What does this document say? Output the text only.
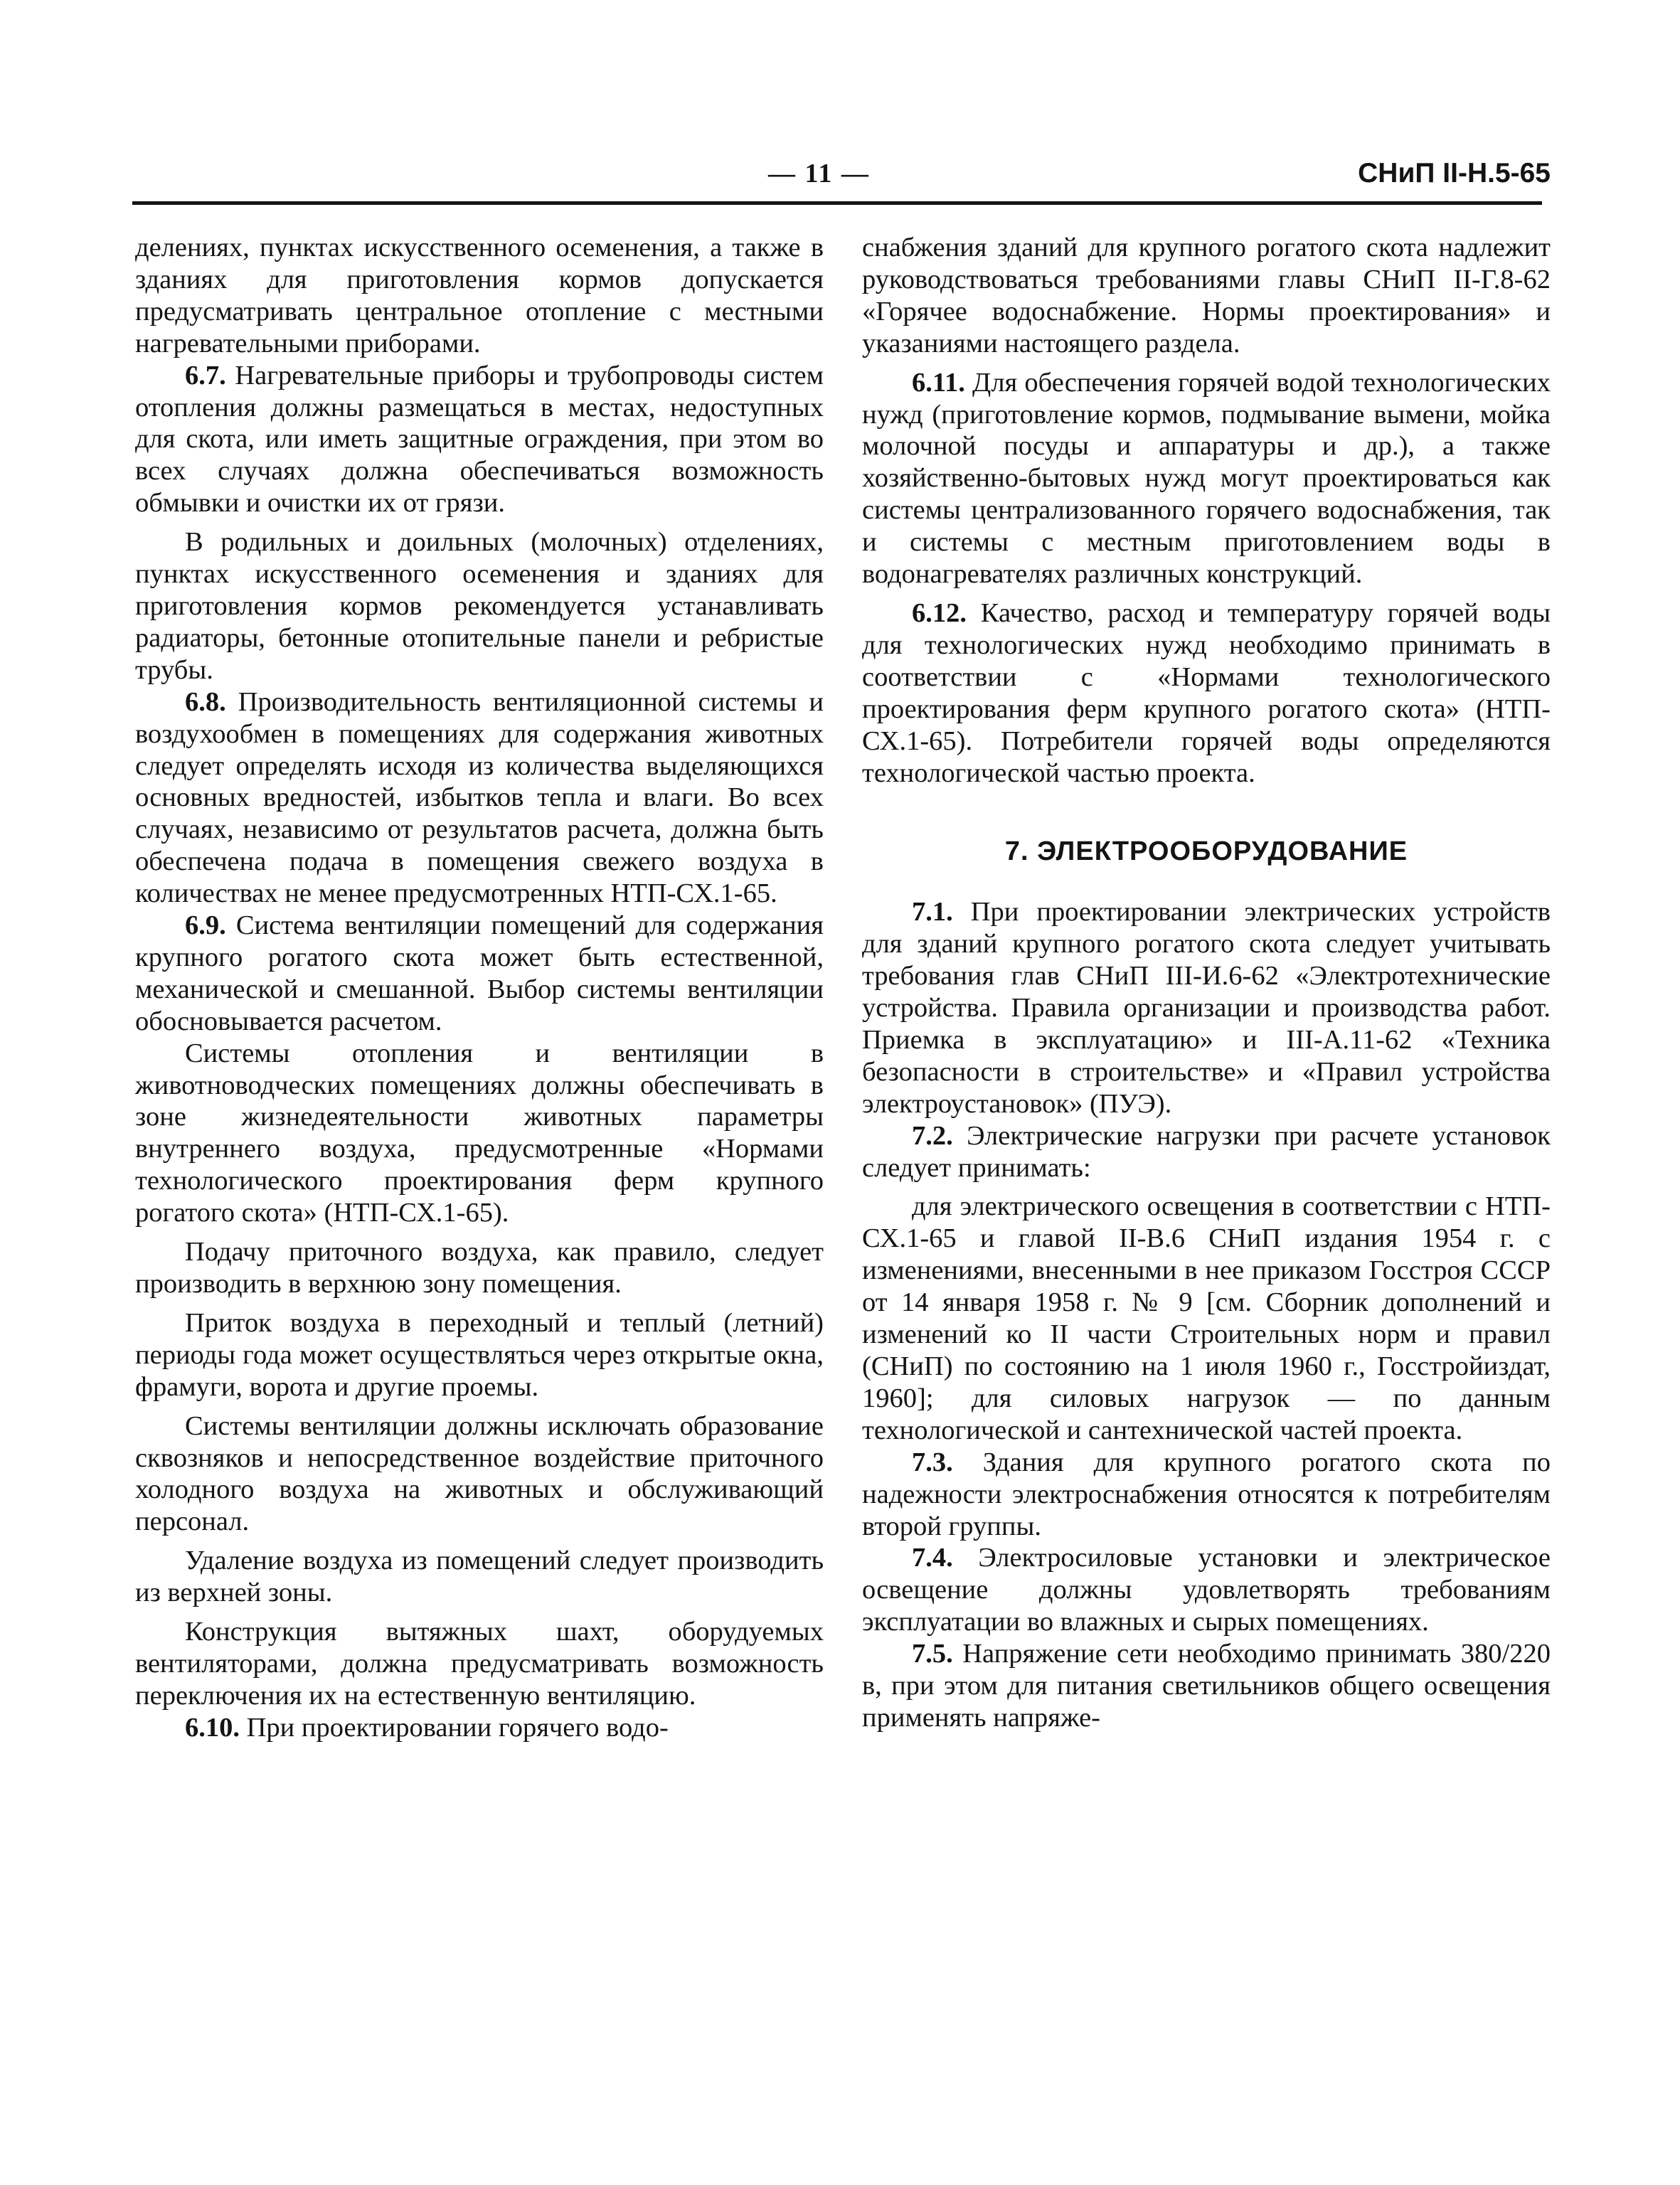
— 11 —	СНиП II-Н.5-65

делениях, пунктах искусственного осеменения, а также в зданиях для приготовления кормов допускается предусматривать центральное отопление с местными нагревательными приборами.

6.7. Нагревательные приборы и трубопроводы систем отопления должны размещаться в местах, недоступных для скота, или иметь защитные ограждения, при этом во всех случаях должна обеспечиваться возможность обмывки и очистки их от грязи.

В родильных и доильных (молочных) отделениях, пунктах искусственного осеменения и зданиях для приготовления кормов рекомендуется устанавливать радиаторы, бетонные отопительные панели и ребристые трубы.

6.8. Производительность вентиляционной системы и воздухообмен в помещениях для содержания животных следует определять исходя из количества выделяющихся основных вредностей, избытков тепла и влаги. Во всех случаях, независимо от результатов расчета, должна быть обеспечена подача в помещения свежего воздуха в количествах не менее предусмотренных НТП-СХ.1-65.

6.9. Система вентиляции помещений для содержания крупного рогатого скота может быть естественной, механической и смешанной. Выбор системы вентиляции обосновывается расчетом.

Системы отопления и вентиляции в животноводческих помещениях должны обеспечивать в зоне жизнедеятельности животных параметры внутреннего воздуха, предусмотренные «Нормами технологического проектирования ферм крупного рогатого скота» (НТП-СХ.1-65).

Подачу приточного воздуха, как правило, следует производить в верхнюю зону помещения.

Приток воздуха в переходный и теплый (летний) периоды года может осуществляться через открытые окна, фрамуги, ворота и другие проемы.

Системы вентиляции должны исключать образование сквозняков и непосредственное воздействие приточного холодного воздуха на животных и обслуживающий персонал.

Удаление воздуха из помещений следует производить из верхней зоны.

Конструкция вытяжных шахт, оборудуемых вентиляторами, должна предусматривать возможность переключения их на естественную вентиляцию.

6.10. При проектировании горячего водо-

снабжения зданий для крупного рогатого скота надлежит руководствоваться требованиями главы СНиП II-Г.8-62 «Горячее водоснабжение. Нормы проектирования» и указаниями настоящего раздела.

6.11. Для обеспечения горячей водой технологических нужд (приготовление кормов, подмывание вымени, мойка молочной посуды и аппаратуры и др.), а также хозяйственно-бытовых нужд могут проектироваться как системы централизованного горячего водоснабжения, так и системы с местным приготовлением воды в водонагревателях различных конструкций.

6.12. Качество, расход и температуру горячей воды для технологических нужд необходимо принимать в соответствии с «Нормами технологического проектирования ферм крупного рогатого скота» (НТП-СХ.1-65). Потребители горячей воды определяются технологической частью проекта.

7. ЭЛЕКТРООБОРУДОВАНИЕ

7.1. При проектировании электрических устройств для зданий крупного рогатого скота следует учитывать требования глав СНиП III-И.6-62 «Электротехнические устройства. Правила организации и производства работ. Приемка в эксплуатацию» и III-А.11-62 «Техника безопасности в строительстве» и «Правил устройства электроустановок» (ПУЭ).

7.2. Электрические нагрузки при расчете установок следует принимать:

для электрического освещения в соответствии с НТП-СХ.1-65 и главой II-В.6 СНиП издания 1954 г. с изменениями, внесенными в нее приказом Госстроя СССР от 14 января 1958 г. № 9 [см. Сборник дополнений и изменений ко II части Строительных норм и правил (СНиП) по состоянию на 1 июля 1960 г., Госстройиздат, 1960]; для силовых нагрузок — по данным технологической и сантехнической частей проекта.

7.3. Здания для крупного рогатого скота по надежности электроснабжения относятся к потребителям второй группы.

7.4. Электросиловые установки и электрическое освещение должны удовлетворять требованиям эксплуатации во влажных и сырых помещениях.

7.5. Напряжение сети необходимо принимать 380/220 в, при этом для питания светильников общего освещения применять напряже-
